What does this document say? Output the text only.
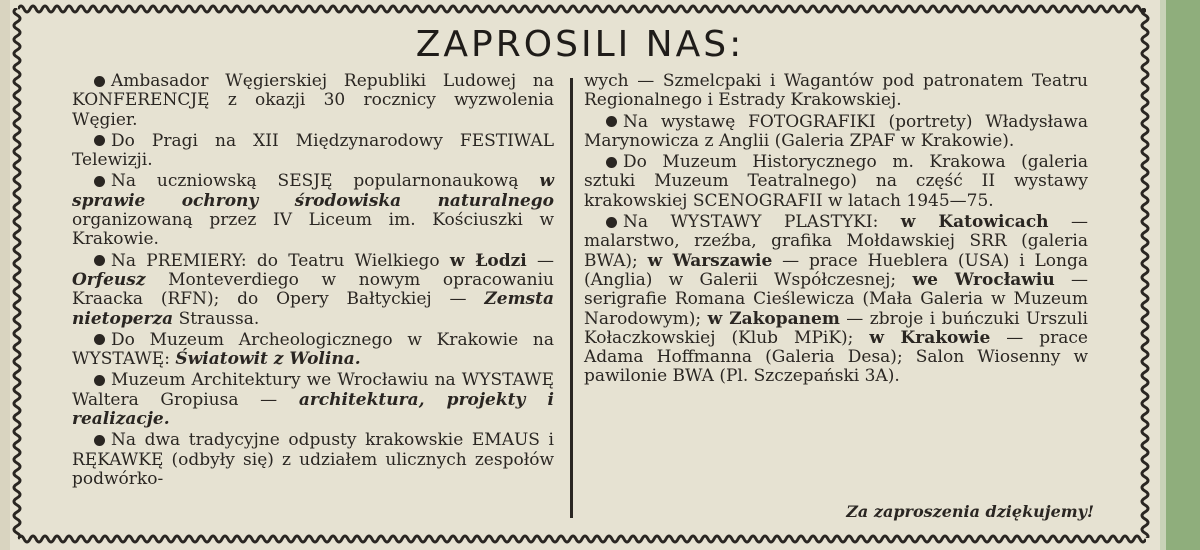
ZAPROSILI NAS:

Ambasador Węgierskiej Republiki Ludowej na KONFERENCJĘ z okazji 30 rocznicy wyzwolenia Węgier.

Do Pragi na XII Międzynarodowy FESTIWAL Telewizji.

Na uczniowską SESJĘ popularnonaukową w sprawie ochrony środowiska naturalnego organizowaną przez IV Liceum im. Kościuszki w Krakowie.

Na PREMIERY: do Teatru Wielkiego w Łodzi — Orfeusz Monteverdiego w nowym opracowaniu Kraacka (RFN); do Opery Bałtyckiej — Zemsta nietoperza Straussa.

Do Muzeum Archeologicznego w Krakowie na WYSTAWĘ: Światowit z Wolina.

Muzeum Architektury we Wrocławiu na WYSTAWĘ Waltera Gropiusa — architektura, projekty i realizacje.

Na dwa tradycyjne odpusty krakowskie EMAUS i RĘKAWKĘ (odbyły się) z udziałem ulicznych zespołów podwórko-

wych — Szmelcpaki i Wagantów pod patronatem Teatru Regionalnego i Estrady Krakowskiej.

Na wystawę FOTOGRAFIKI (portrety) Władysława Marynowicza z Anglii (Galeria ZPAF w Krakowie).

Do Muzeum Historycznego m. Krakowa (galeria sztuki Muzeum Teatralnego) na część II wystawy krakowskiej SCENOGRAFII w latach 1945—75.

Na WYSTAWY PLASTYKI: w Katowicach — malarstwo, rzeźba, grafika Mołdawskiej SRR (galeria BWA); w Warszawie — prace Hueblera (USA) i Longa (Anglia) w Galerii Współczesnej; we Wrocławiu — serigrafie Romana Cieślewicza (Mała Galeria w Muzeum Narodowym); w Zakopanem — zbroje i buńczuki Urszuli Kołaczkowskiej (Klub MPiK); w Krakowie — prace Adama Hoffmanna (Galeria Desa); Salon Wiosenny w pawilonie BWA (Pl. Szczepański 3A).

Za zaproszenia dziękujemy!
